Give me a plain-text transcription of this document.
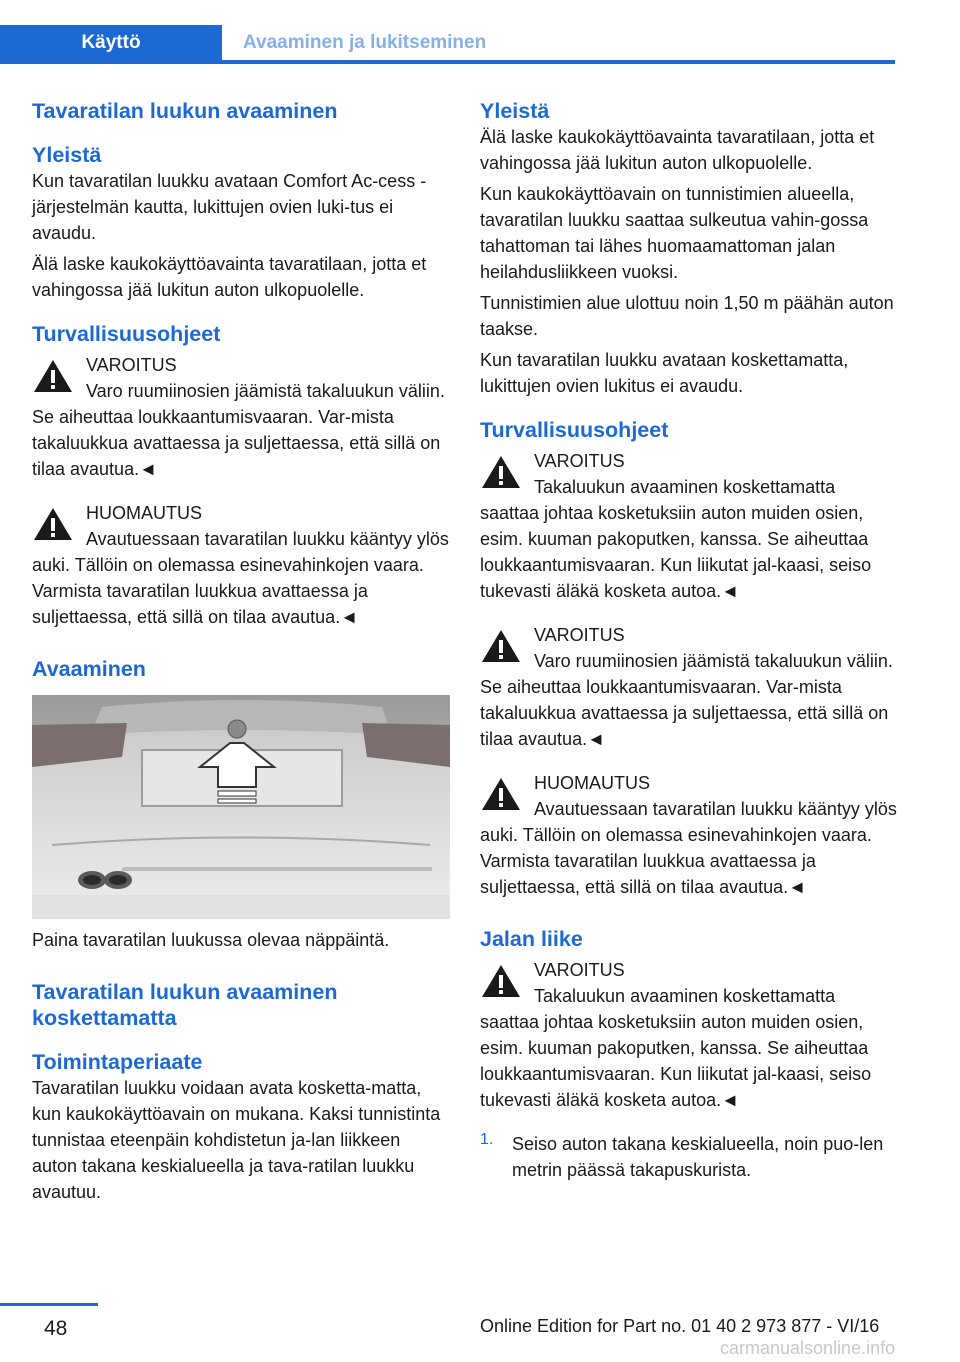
Käyttö	Avaaminen ja lukitseminen
Tavaratilan luukun avaaminen
Yleistä

Kun tavaratilan luukku avataan Comfort Ac‐cess -järjestelmän kautta, lukittujen ovien luki‐tus ei avaudu.

Älä laske kaukokäyttöavainta tavaratilaan, jotta et vahingossa jää lukitun auton ulkopuolelle.

Turvallisuusohjeet

VAROITUS
Varo ruumiinosien jäämistä takaluukun väliin. Se aiheuttaa loukkaantumisvaaran. Var‐mista takaluukkua avattaessa ja suljettaessa, että sillä on tilaa avautua.◄

HUOMAUTUS
Avautuessaan tavaratilan luukku kääntyy ylös auki. Tällöin on olemassa esinevahinkojen vaara. Varmista tavaratilan luukkua avattaessa ja suljettaessa, että sillä on tilaa avautua.◄

Avaaminen

Paina tavaratilan luukussa olevaa näppäintä.

Tavaratilan luukun avaaminen koskettamatta
Toimintaperiaate

Tavaratilan luukku voidaan avata kosketta‐matta, kun kaukokäyttöavain on mukana. Kaksi tunnistinta tunnistaa eteenpäin kohdistetun ja‐lan liikkeen auton takana keskialueella ja tava‐ratilan luukku avautuu.

Yleistä

Älä laske kaukokäyttöavainta tavaratilaan, jotta et vahingossa jää lukitun auton ulkopuolelle.

Kun kaukokäyttöavain on tunnistimien alueella, tavaratilan luukku saattaa sulkeutua vahin‐gossa tahattoman tai lähes huomaamattoman jalan heilahdusliikkeen vuoksi.

Tunnistimien alue ulottuu noin 1,50 m päähän auton taakse.

Kun tavaratilan luukku avataan koskettamatta, lukittujen ovien lukitus ei avaudu.

Turvallisuusohjeet

VAROITUS
Takaluukun avaaminen koskettamatta saattaa johtaa kosketuksiin auton muiden osien, esim. kuuman pakoputken, kanssa. Se aiheuttaa loukkaantumisvaaran. Kun liikutat jal‐kaasi, seiso tukevasti äläkä kosketa autoa.◄

VAROITUS
Varo ruumiinosien jäämistä takaluukun väliin. Se aiheuttaa loukkaantumisvaaran. Var‐mista takaluukkua avattaessa ja suljettaessa, että sillä on tilaa avautua.◄

HUOMAUTUS
Avautuessaan tavaratilan luukku kääntyy ylös auki. Tällöin on olemassa esinevahinkojen vaara. Varmista tavaratilan luukkua avattaessa ja suljettaessa, että sillä on tilaa avautua.◄

Jalan liike

VAROITUS
Takaluukun avaaminen koskettamatta saattaa johtaa kosketuksiin auton muiden osien, esim. kuuman pakoputken, kanssa. Se aiheuttaa loukkaantumisvaaran. Kun liikutat jal‐kaasi, seiso tukevasti äläkä kosketa autoa.◄

1. Seiso auton takana keskialueella, noin puo‐len metrin päässä takapuskurista.

48	Online Edition for Part no. 01 40 2 973 877 - VI/16
carmanualsonline.info
